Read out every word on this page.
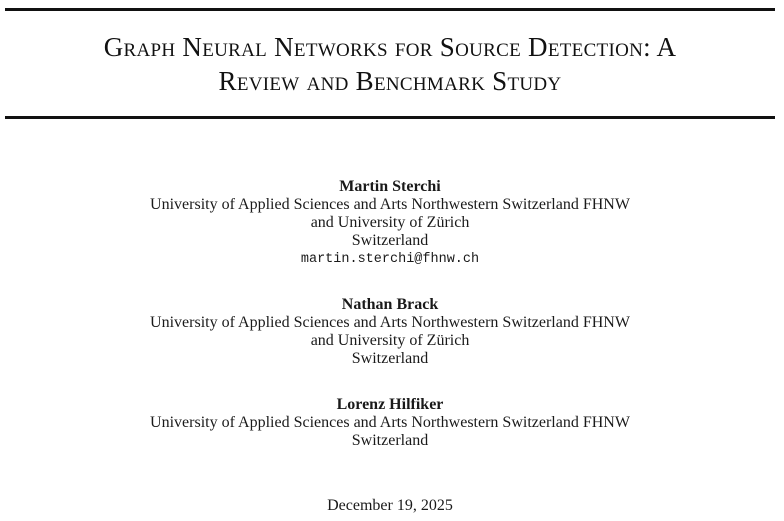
Graph Neural Networks for Source Detection: A
Review and Benchmark Study
Martin Sterchi
University of Applied Sciences and Arts Northwestern Switzerland FHNW
and University of Zürich
Switzerland
martin.sterchi@fhnw.ch
Nathan Brack
University of Applied Sciences and Arts Northwestern Switzerland FHNW
and University of Zürich
Switzerland
Lorenz Hilfiker
University of Applied Sciences and Arts Northwestern Switzerland FHNW
Switzerland
December 19, 2025
